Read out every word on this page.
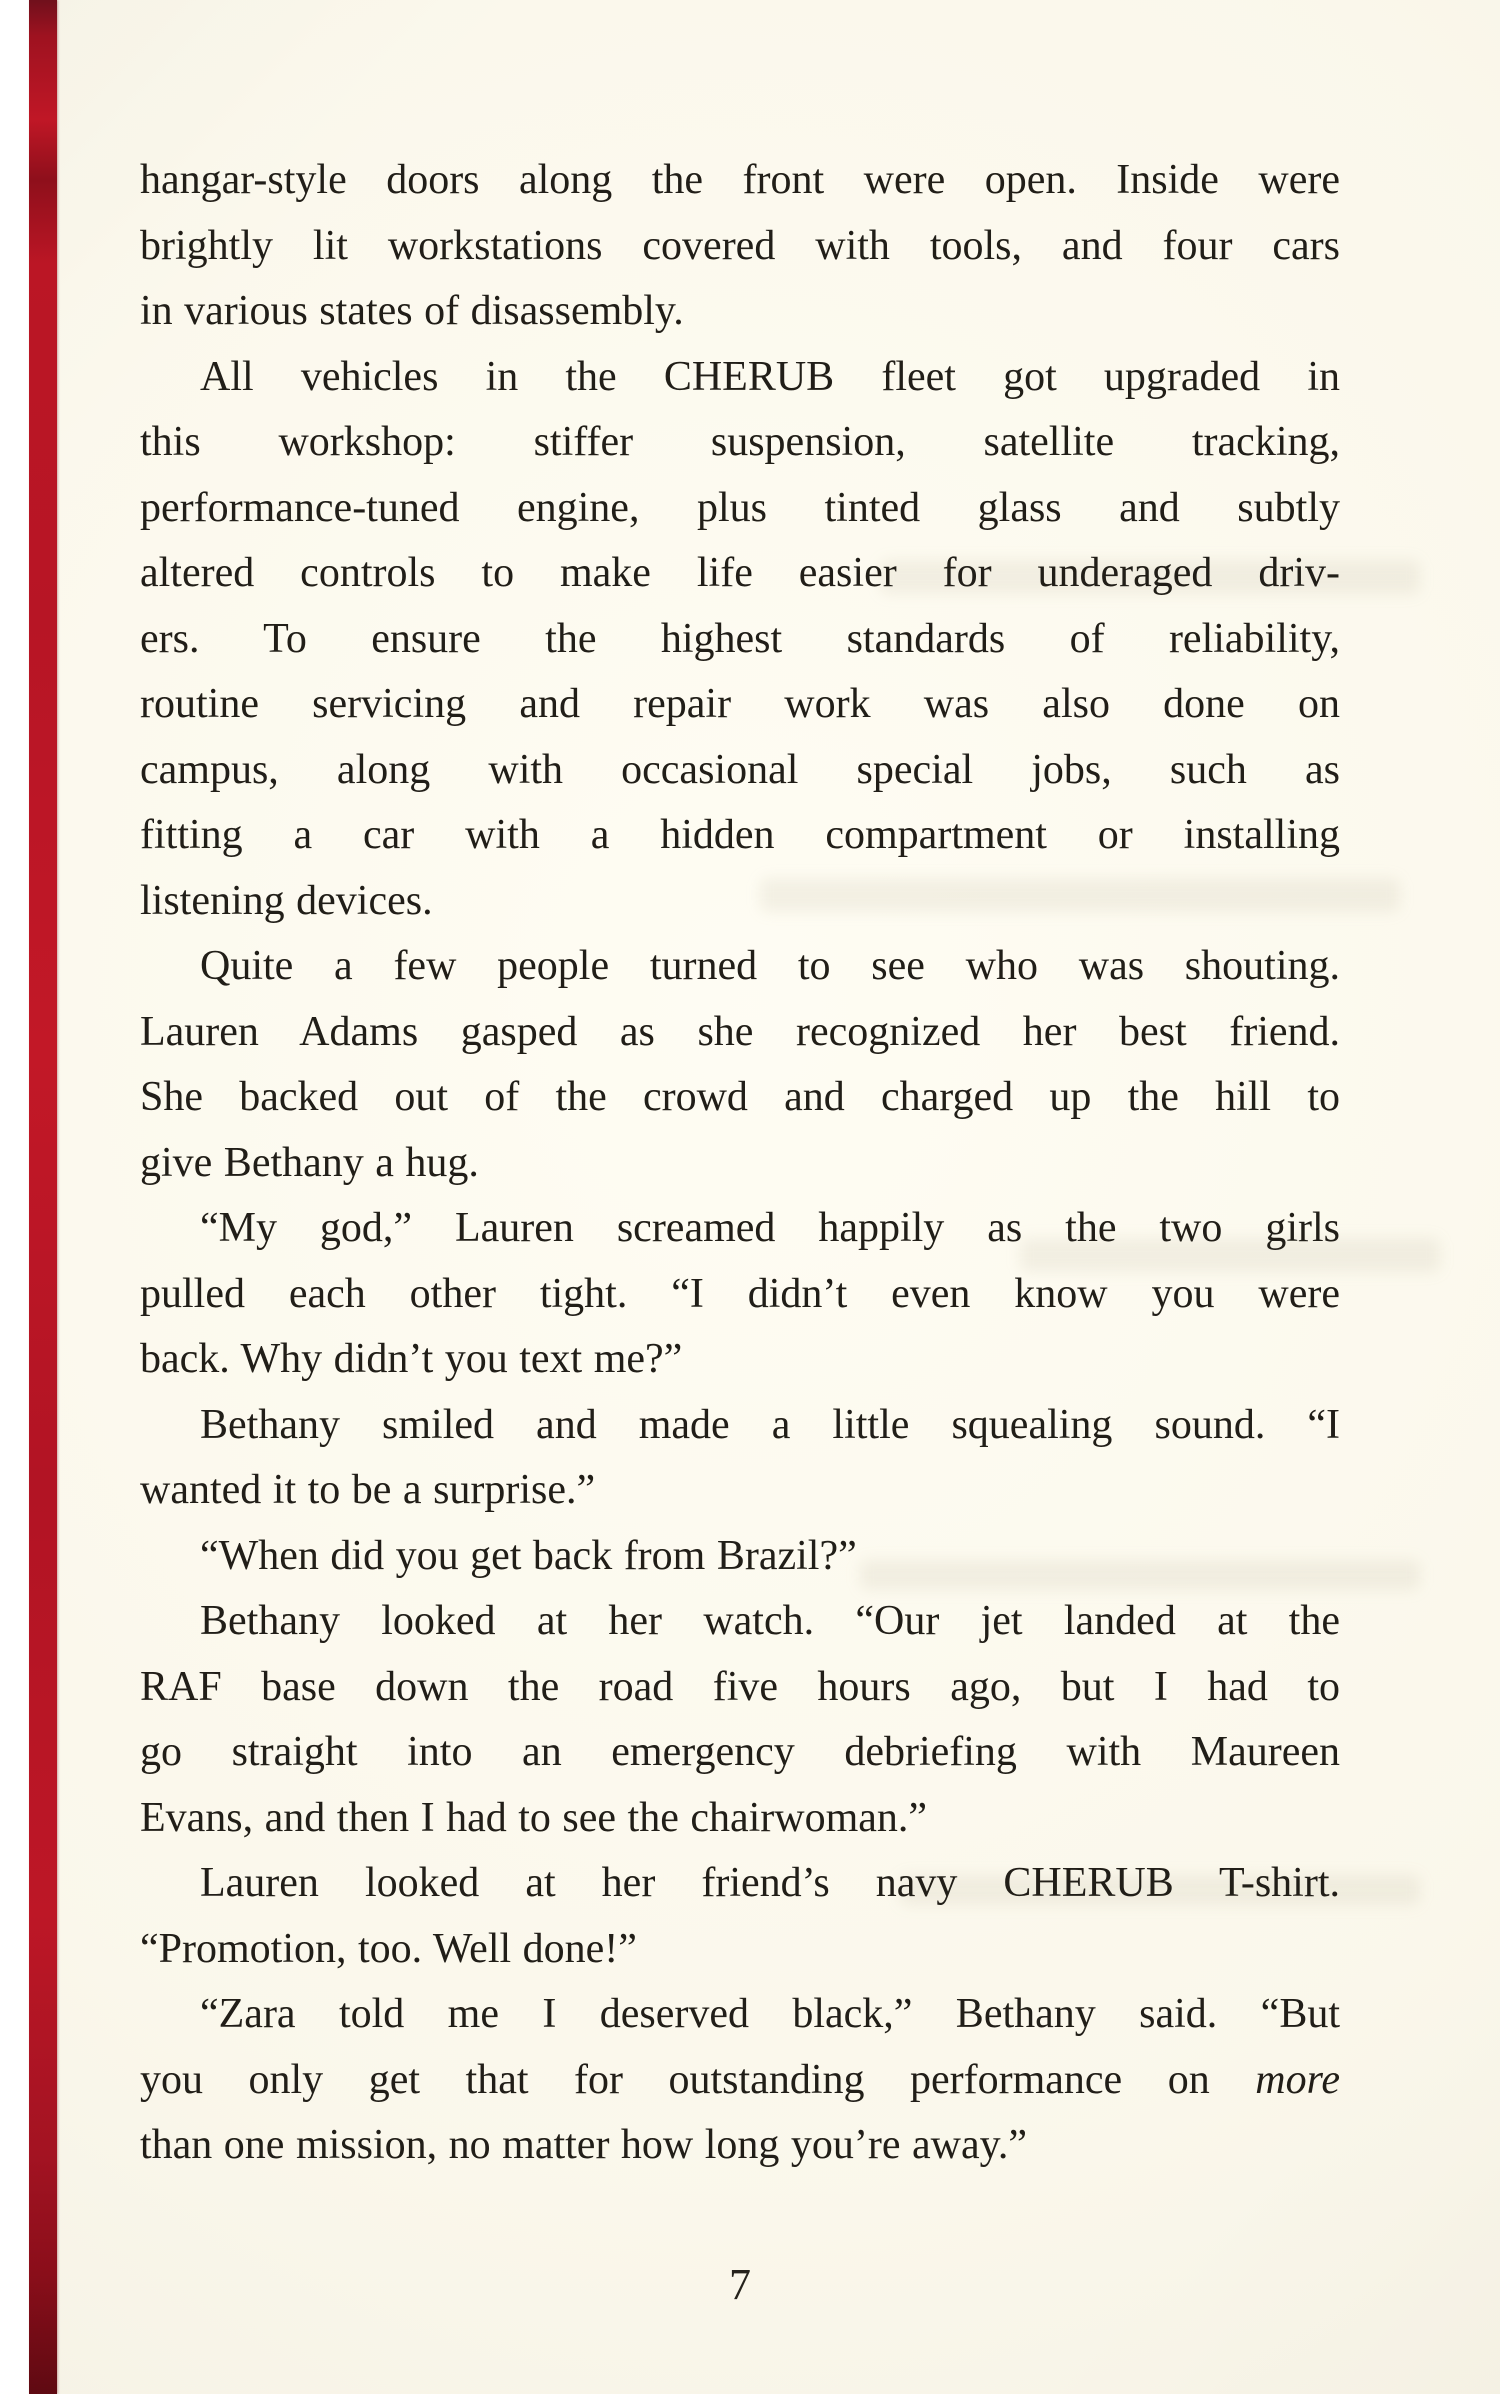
hangar-style doors along the front were open. Inside were
brightly lit workstations covered with tools, and four cars
in various states of disassembly.
All vehicles in the CHERUB fleet got upgraded in
this workshop: stiffer suspension, satellite tracking,
performance-tuned engine, plus tinted glass and subtly
altered controls to make life easier for underaged driv-
ers. To ensure the highest standards of reliability,
routine servicing and repair work was also done on
campus, along with occasional special jobs, such as
fitting a car with a hidden compartment or installing
listening devices.
Quite a few people turned to see who was shouting.
Lauren Adams gasped as she recognized her best friend.
She backed out of the crowd and charged up the hill to
give Bethany a hug.
“My god,” Lauren screamed happily as the two girls
pulled each other tight. “I didn’t even know you were
back. Why didn’t you text me?”
Bethany smiled and made a little squealing sound. “I
wanted it to be a surprise.”
“When did you get back from Brazil?”
Bethany looked at her watch. “Our jet landed at the
RAF base down the road five hours ago, but I had to
go straight into an emergency debriefing with Maureen
Evans, and then I had to see the chairwoman.”
Lauren looked at her friend’s navy CHERUB T-shirt.
“Promotion, too. Well done!”
“Zara told me I deserved black,” Bethany said. “But
you only get that for outstanding performance on more
than one mission, no matter how long you’re away.”
7
